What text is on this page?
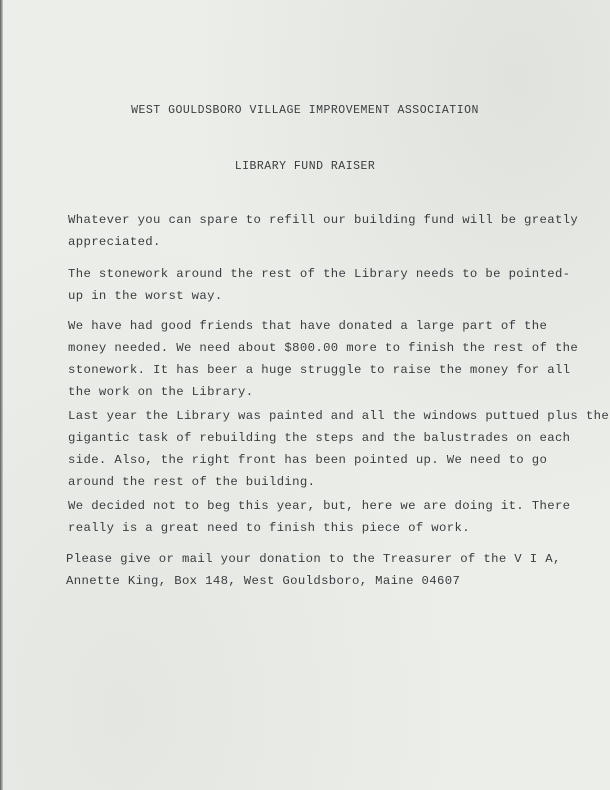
WEST GOULDSBORO VILLAGE IMPROVEMENT ASSOCIATION
LIBRARY FUND RAISER

Whatever you can spare to refill our building fund will be greatly
appreciated.

The stonework around the rest of the Library needs to be pointed-
up in the worst way.

We have had good friends that have donated a large part of the
money needed. We need about $800.00 more to finish the rest of the
stonework. It has beer a huge struggle to raise the money for all
the work on the Library.

Last year the Library was painted and all the windows puttued plus the
gigantic task of rebuilding the steps and the balustrades on each
side. Also, the right front has been pointed up. We need to go
around the rest of the building.

We decided not to beg this year, but, here we are doing it. There
really is a great need to finish this piece of work.

Please give or mail your donation to the Treasurer of the V I A,
Annette King, Box 148, West Gouldsboro, Maine 04607
